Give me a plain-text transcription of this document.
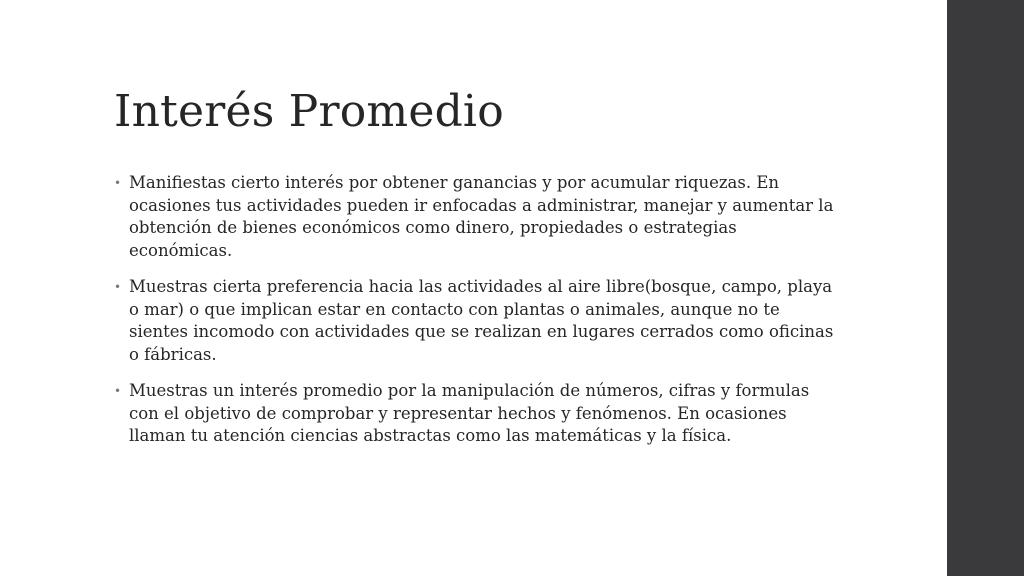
Interés Promedio
• Manifiestas cierto interés por obtener ganancias y por acumular riquezas. En ocasiones tus actividades pueden ir enfocadas a administrar, manejar y aumentar la obtención de bienes económicos como dinero, propiedades o estrategias económicas.
• Muestras cierta preferencia hacia las actividades al aire libre(bosque, campo, playa o mar) o que implican estar en contacto con plantas o animales, aunque no te sientes incomodo con actividades que se realizan en lugares cerrados como oficinas o fábricas.
• Muestras un interés promedio por la manipulación de números, cifras y formulas con el objetivo de comprobar y representar hechos y fenómenos. En ocasiones llaman tu atención ciencias abstractas como las matemáticas y la física.
